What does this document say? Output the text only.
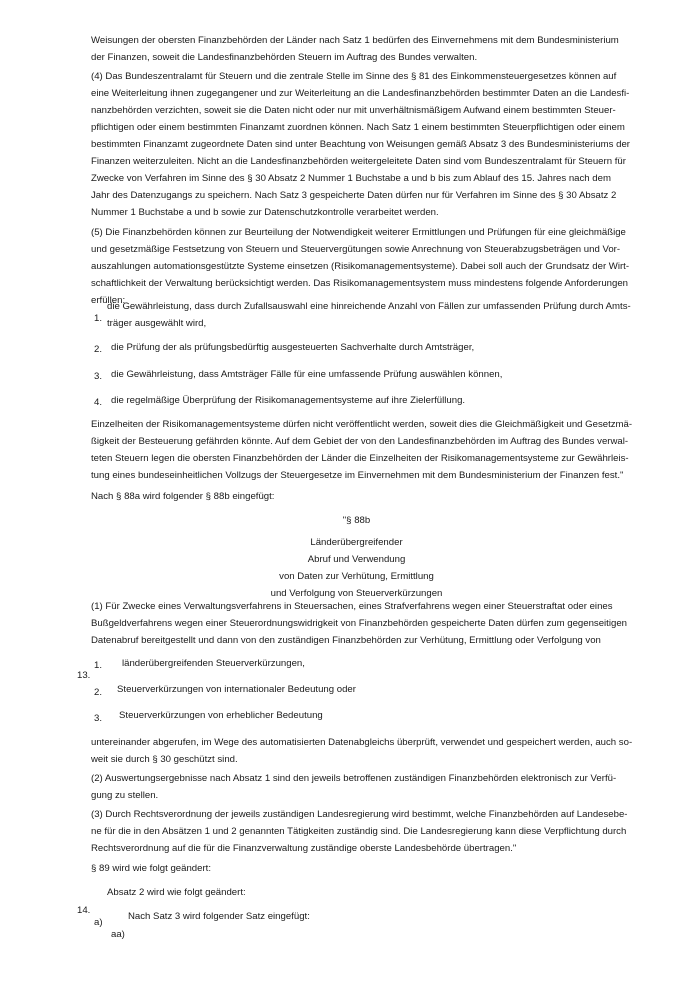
Weisungen der obersten Finanzbehörden der Länder nach Satz 1 bedürfen des Einvernehmens mit dem Bundesministerium
der Finanzen, soweit die Landesfinanzbehörden Steuern im Auftrag des Bundes verwalten.
(4) Das Bundeszentralamt für Steuern und die zentrale Stelle im Sinne des § 81 des Einkommensteuergesetzes können auf
eine Weiterleitung ihnen zugegangener und zur Weiterleitung an die Landesfinanzbehörden bestimmter Daten an die Landesfi-
nanzbehörden verzichten, soweit sie die Daten nicht oder nur mit unverhältnismäßigem Aufwand einem bestimmten Steuer-
pflichtigen oder einem bestimmten Finanzamt zuordnen können. Nach Satz 1 einem bestimmten Steuerpflichtigen oder einem
bestimmten Finanzamt zugeordnete Daten sind unter Beachtung von Weisungen gemäß Absatz 3 des Bundesministeriums der
Finanzen weiterzuleiten. Nicht an die Landesfinanzbehörden weitergeleitete Daten sind vom Bundeszentralamt für Steuern für
Zwecke von Verfahren im Sinne des § 30 Absatz 2 Nummer 1 Buchstabe a und b bis zum Ablauf des 15. Jahres nach dem
Jahr des Datenzugangs zu speichern. Nach Satz 3 gespeicherte Daten dürfen nur für Verfahren im Sinne des § 30 Absatz 2
Nummer 1 Buchstabe a und b sowie zur Datenschutzkontrolle verarbeitet werden.
(5) Die Finanzbehörden können zur Beurteilung der Notwendigkeit weiterer Ermittlungen und Prüfungen für eine gleichmäßige
und gesetzmäßige Festsetzung von Steuern und Steuervergütungen sowie Anrechnung von Steuerabzugsbeträgen und Vor-
auszahlungen automationsgestützte Systeme einsetzen (Risikomanagementsysteme). Dabei soll auch der Grundsatz der Wirt-
schaftlichkeit der Verwaltung berücksichtigt werden. Das Risikomanagementsystem muss mindestens folgende Anforderungen
erfüllen:
1.
die Gewährleistung, dass durch Zufallsauswahl eine hinreichende Anzahl von Fällen zur umfassenden Prüfung durch Amts-
träger ausgewählt wird,
2. die Prüfung der als prüfungsbedürftig ausgesteuerten Sachverhalte durch Amtsträger,
3. die Gewährleistung, dass Amtsträger Fälle für eine umfassende Prüfung auswählen können,
4. die regelmäßige Überprüfung der Risikomanagementsysteme auf ihre Zielerfüllung.
Einzelheiten der Risikomanagementsysteme dürfen nicht veröffentlicht werden, soweit dies die Gleichmäßigkeit und Gesetzmä-
ßigkeit der Besteuerung gefährden könnte. Auf dem Gebiet der von den Landesfinanzbehörden im Auftrag des Bundes verwal-
teten Steuern legen die obersten Finanzbehörden der Länder die Einzelheiten der Risikomanagementsysteme zur Gewährleis-
tung eines bundeseinheitlichen Vollzugs der Steuergesetze im Einvernehmen mit dem Bundesministerium der Finanzen fest."
Nach § 88a wird folgender § 88b eingefügt:
"§ 88b
Länderübergreifender
Abruf und Verwendung
von Daten zur Verhütung, Ermittlung
und Verfolgung von Steuerverkürzungen
(1) Für Zwecke eines Verwaltungsverfahrens in Steuersachen, eines Strafverfahrens wegen einer Steuerstraftat oder eines
Bußgeldverfahrens wegen einer Steuerordnungswidrigkeit von Finanzbehörden gespeicherte Daten dürfen zum gegenseitigen
Datenabruf bereitgestellt und dann von den zuständigen Finanzbehörden zur Verhütung, Ermittlung oder Verfolgung von
13.
1. länderübergreifenden Steuerverkürzungen,
2. Steuerverkürzungen von internationaler Bedeutung oder
3. Steuerverkürzungen von erheblicher Bedeutung
untereinander abgerufen, im Wege des automatisierten Datenabgleichs überprüft, verwendet und gespeichert werden, auch so-
weit sie durch § 30 geschützt sind.
(2) Auswertungsergebnisse nach Absatz 1 sind den jeweils betroffenen zuständigen Finanzbehörden elektronisch zur Verfü-
gung zu stellen.
(3) Durch Rechtsverordnung der jeweils zuständigen Landesregierung wird bestimmt, welche Finanzbehörden auf Landesebe-
ne für die in den Absätzen 1 und 2 genannten Tätigkeiten zuständig sind. Die Landesregierung kann diese Verpflichtung durch
Rechtsverordnung auf die für die Finanzverwaltung zuständige oberste Landesbehörde übertragen."
§ 89 wird wie folgt geändert:
Absatz 2 wird wie folgt geändert:
14.
a)
Nach Satz 3 wird folgender Satz eingefügt:
aa)
